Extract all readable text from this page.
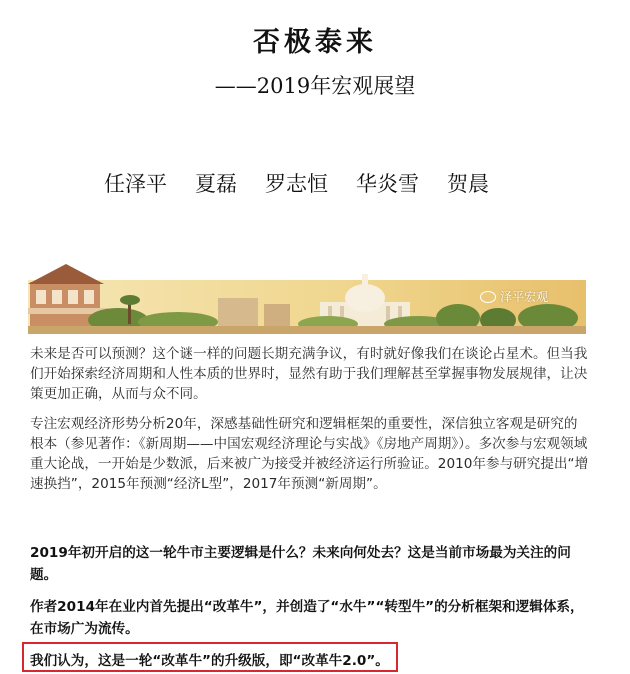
否极泰来
——2019年宏观展望
任泽平 夏磊 罗志恒 华炎雪 贺晨
泽平宏观
未来是否可以预测？这个谜一样的问题长期充满争议，有时就好像我们在谈论占星术。但当我们开始探索经济周期和人性本质的世界时，显然有助于我们理解甚至掌握事物发展规律，让决策更加正确，从而与众不同。
专注宏观经济形势分析20年，深感基础性研究和逻辑框架的重要性，深信独立客观是研究的根本（参见著作：《新周期——中国宏观经济理论与实战》《房地产周期》）。多次参与宏观领域重大论战，一开始是少数派，后来被广为接受并被经济运行所验证。2010年参与研究提出“增速换挡”，2015年预测“经济L型”，2017年预测“新周期”。
2019年初开启的这一轮牛市主要逻辑是什么？未来向何处去？这是当前市场最为关注的问题。
作者2014年在业内首先提出“改革牛”，并创造了“水牛”“转型牛”的分析框架和逻辑体系，在市场广为流传。
我们认为，这是一轮“改革牛”的升级版，即“改革牛2.0”。
